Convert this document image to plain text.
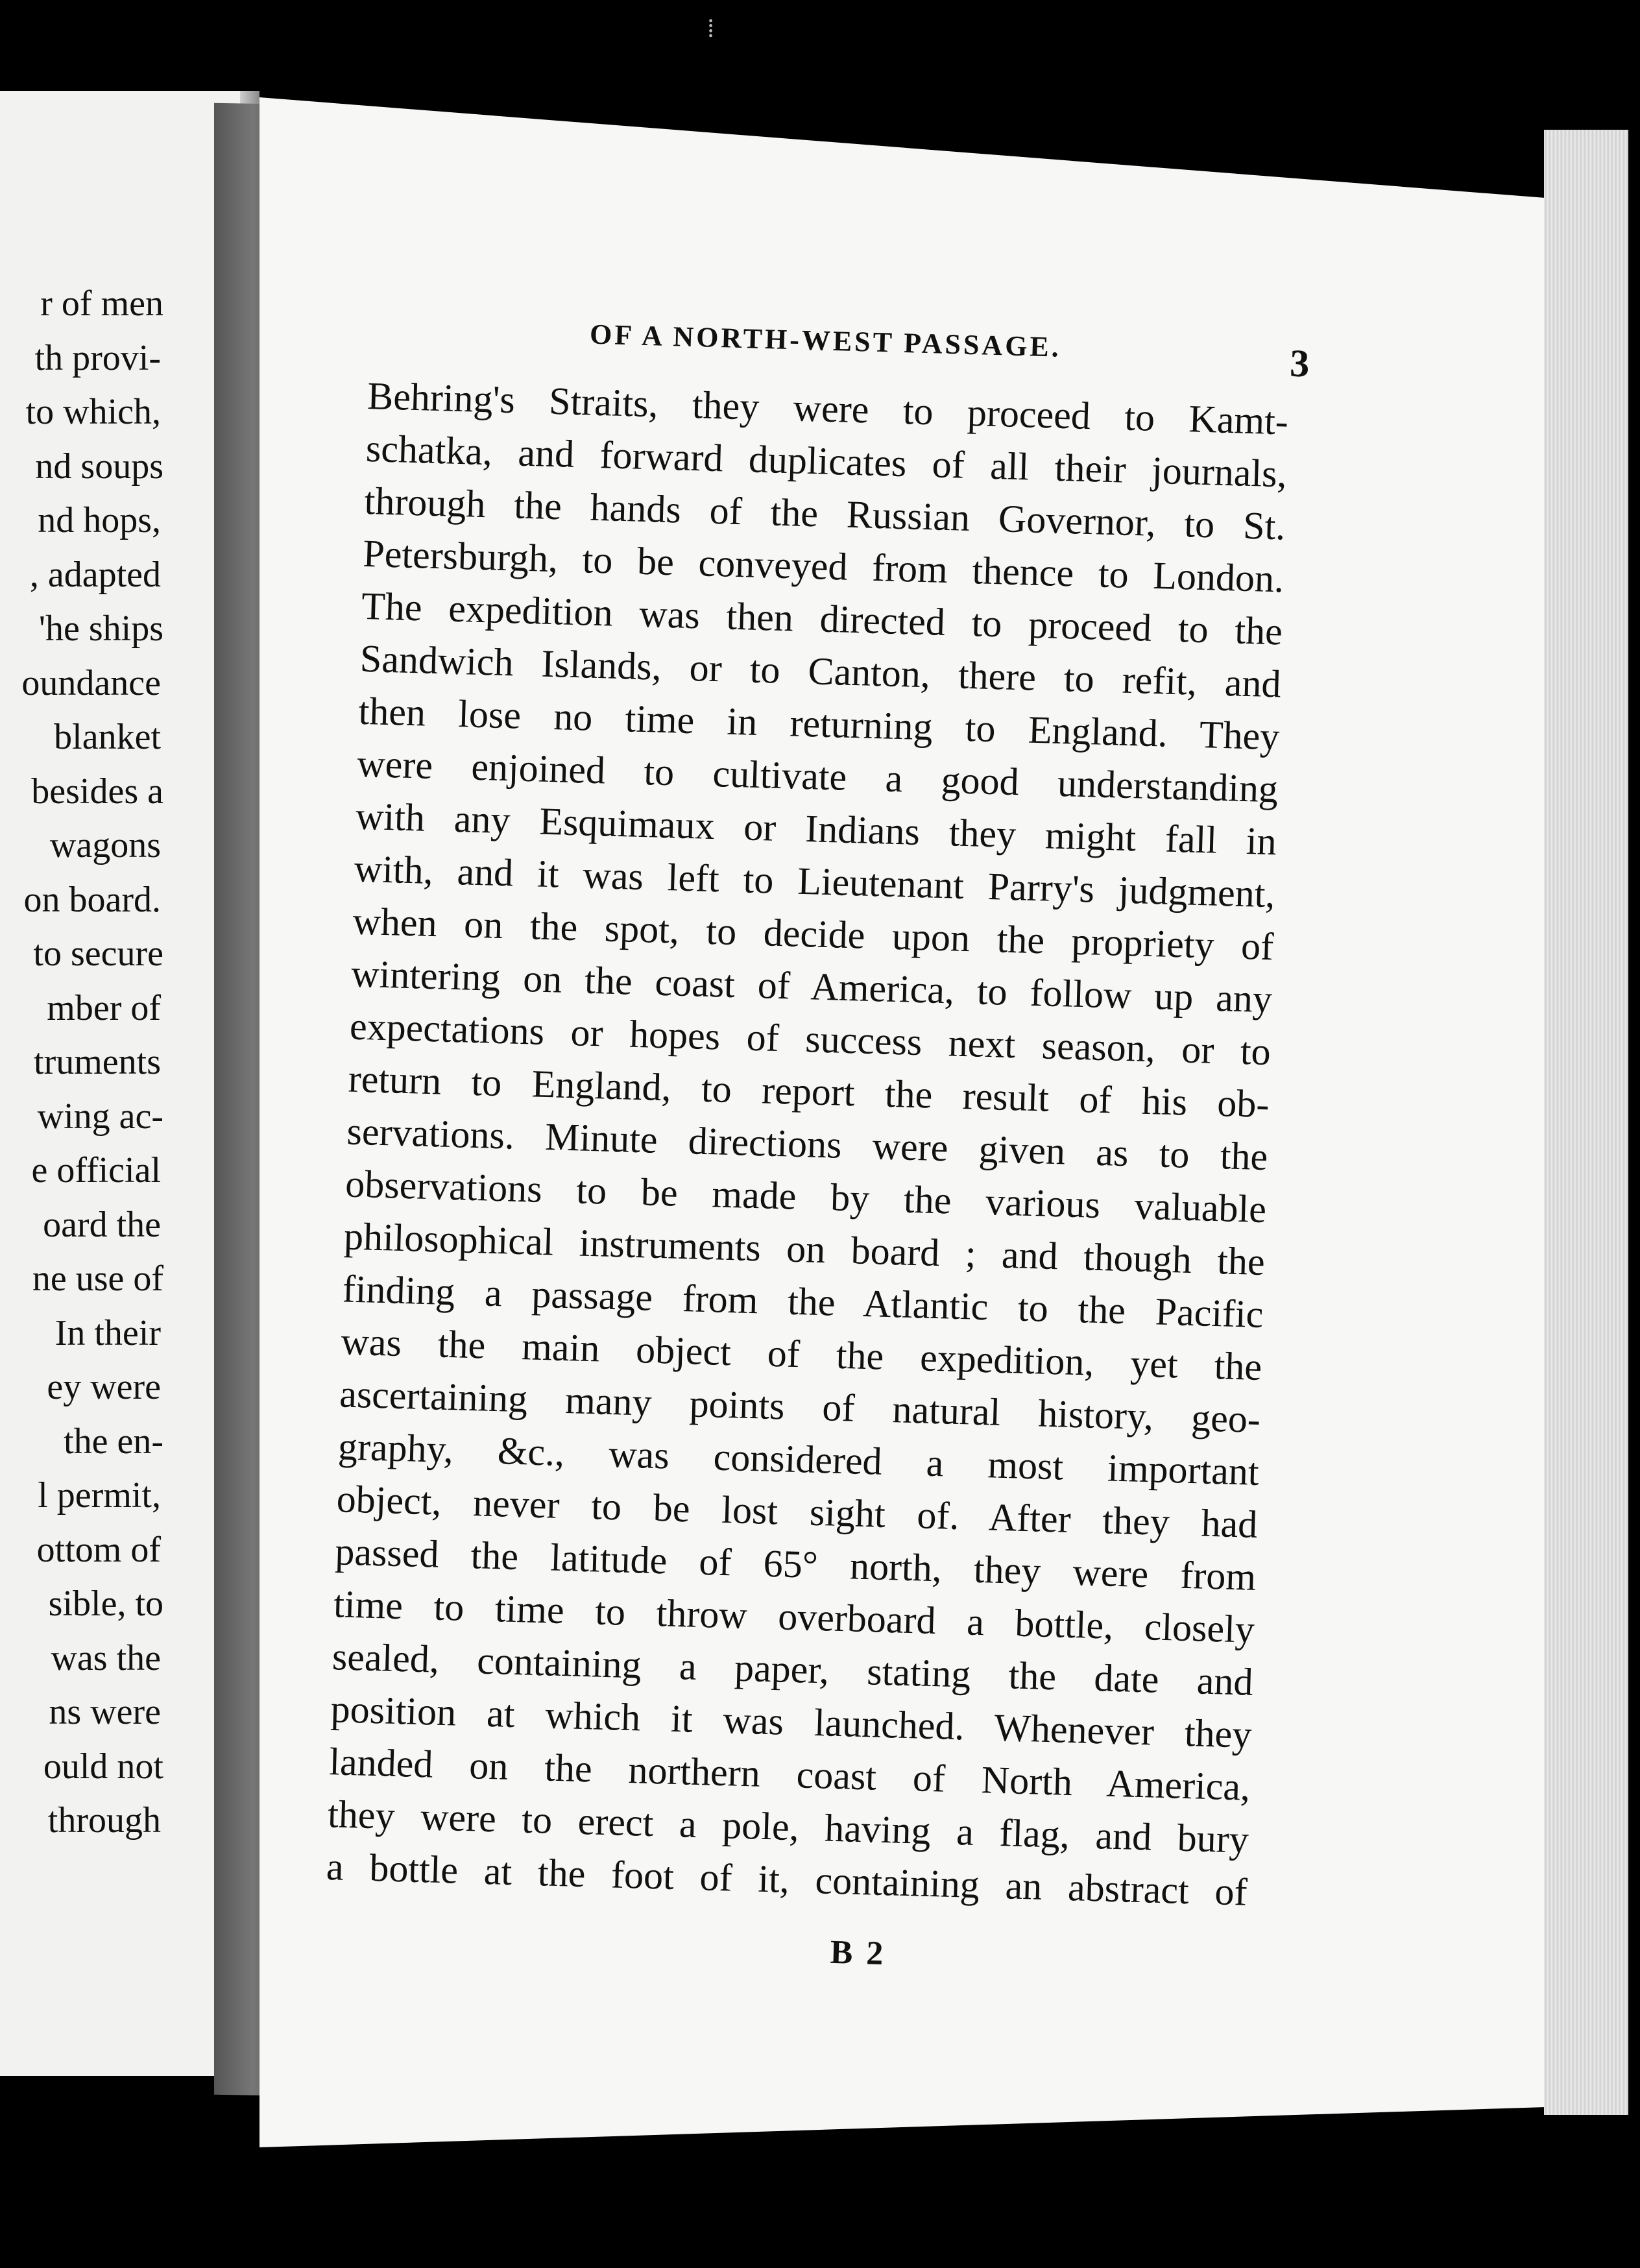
r of men
th provi-
to which,
nd soups
nd hops,
, adapted
'he ships
oundance
blanket
besides a
wagons
on board.
to secure
mber of
truments
wing ac-
e official
oard the
ne use of
In their
ey were
the en-
l permit,
ottom of
sible, to
was the
ns were
ould not
through
⁞
OF A NORTH-WEST PASSAGE.
3
Behring's Straits, they were to proceed to Kamt-
schatka, and forward duplicates of all their journals,
through the hands of the Russian Governor, to St.
Petersburgh, to be conveyed from thence to London.
The expedition was then directed to proceed to the
Sandwich Islands, or to Canton, there to refit, and
then lose no time in returning to England. They
were enjoined to cultivate a good understanding
with any Esquimaux or Indians they might fall in
with, and it was left to Lieutenant Parry's judgment,
when on the spot, to decide upon the propriety of
wintering on the coast of America, to follow up any
expectations or hopes of success next season, or to
return to England, to report the result of his ob-
servations. Minute directions were given as to the
observations to be made by the various valuable
philosophical instruments on board ; and though the
finding a passage from the Atlantic to the Pacific
was the main object of the expedition, yet the
ascertaining many points of natural history, geo-
graphy, &c., was considered a most important
object, never to be lost sight of. After they had
passed the latitude of 65° north, they were from
time to time to throw overboard a bottle, closely
sealed, containing a paper, stating the date and
position at which it was launched. Whenever they
landed on the northern coast of North America,
they were to erect a pole, having a flag, and bury
a bottle at the foot of it, containing an abstract of
B 2
